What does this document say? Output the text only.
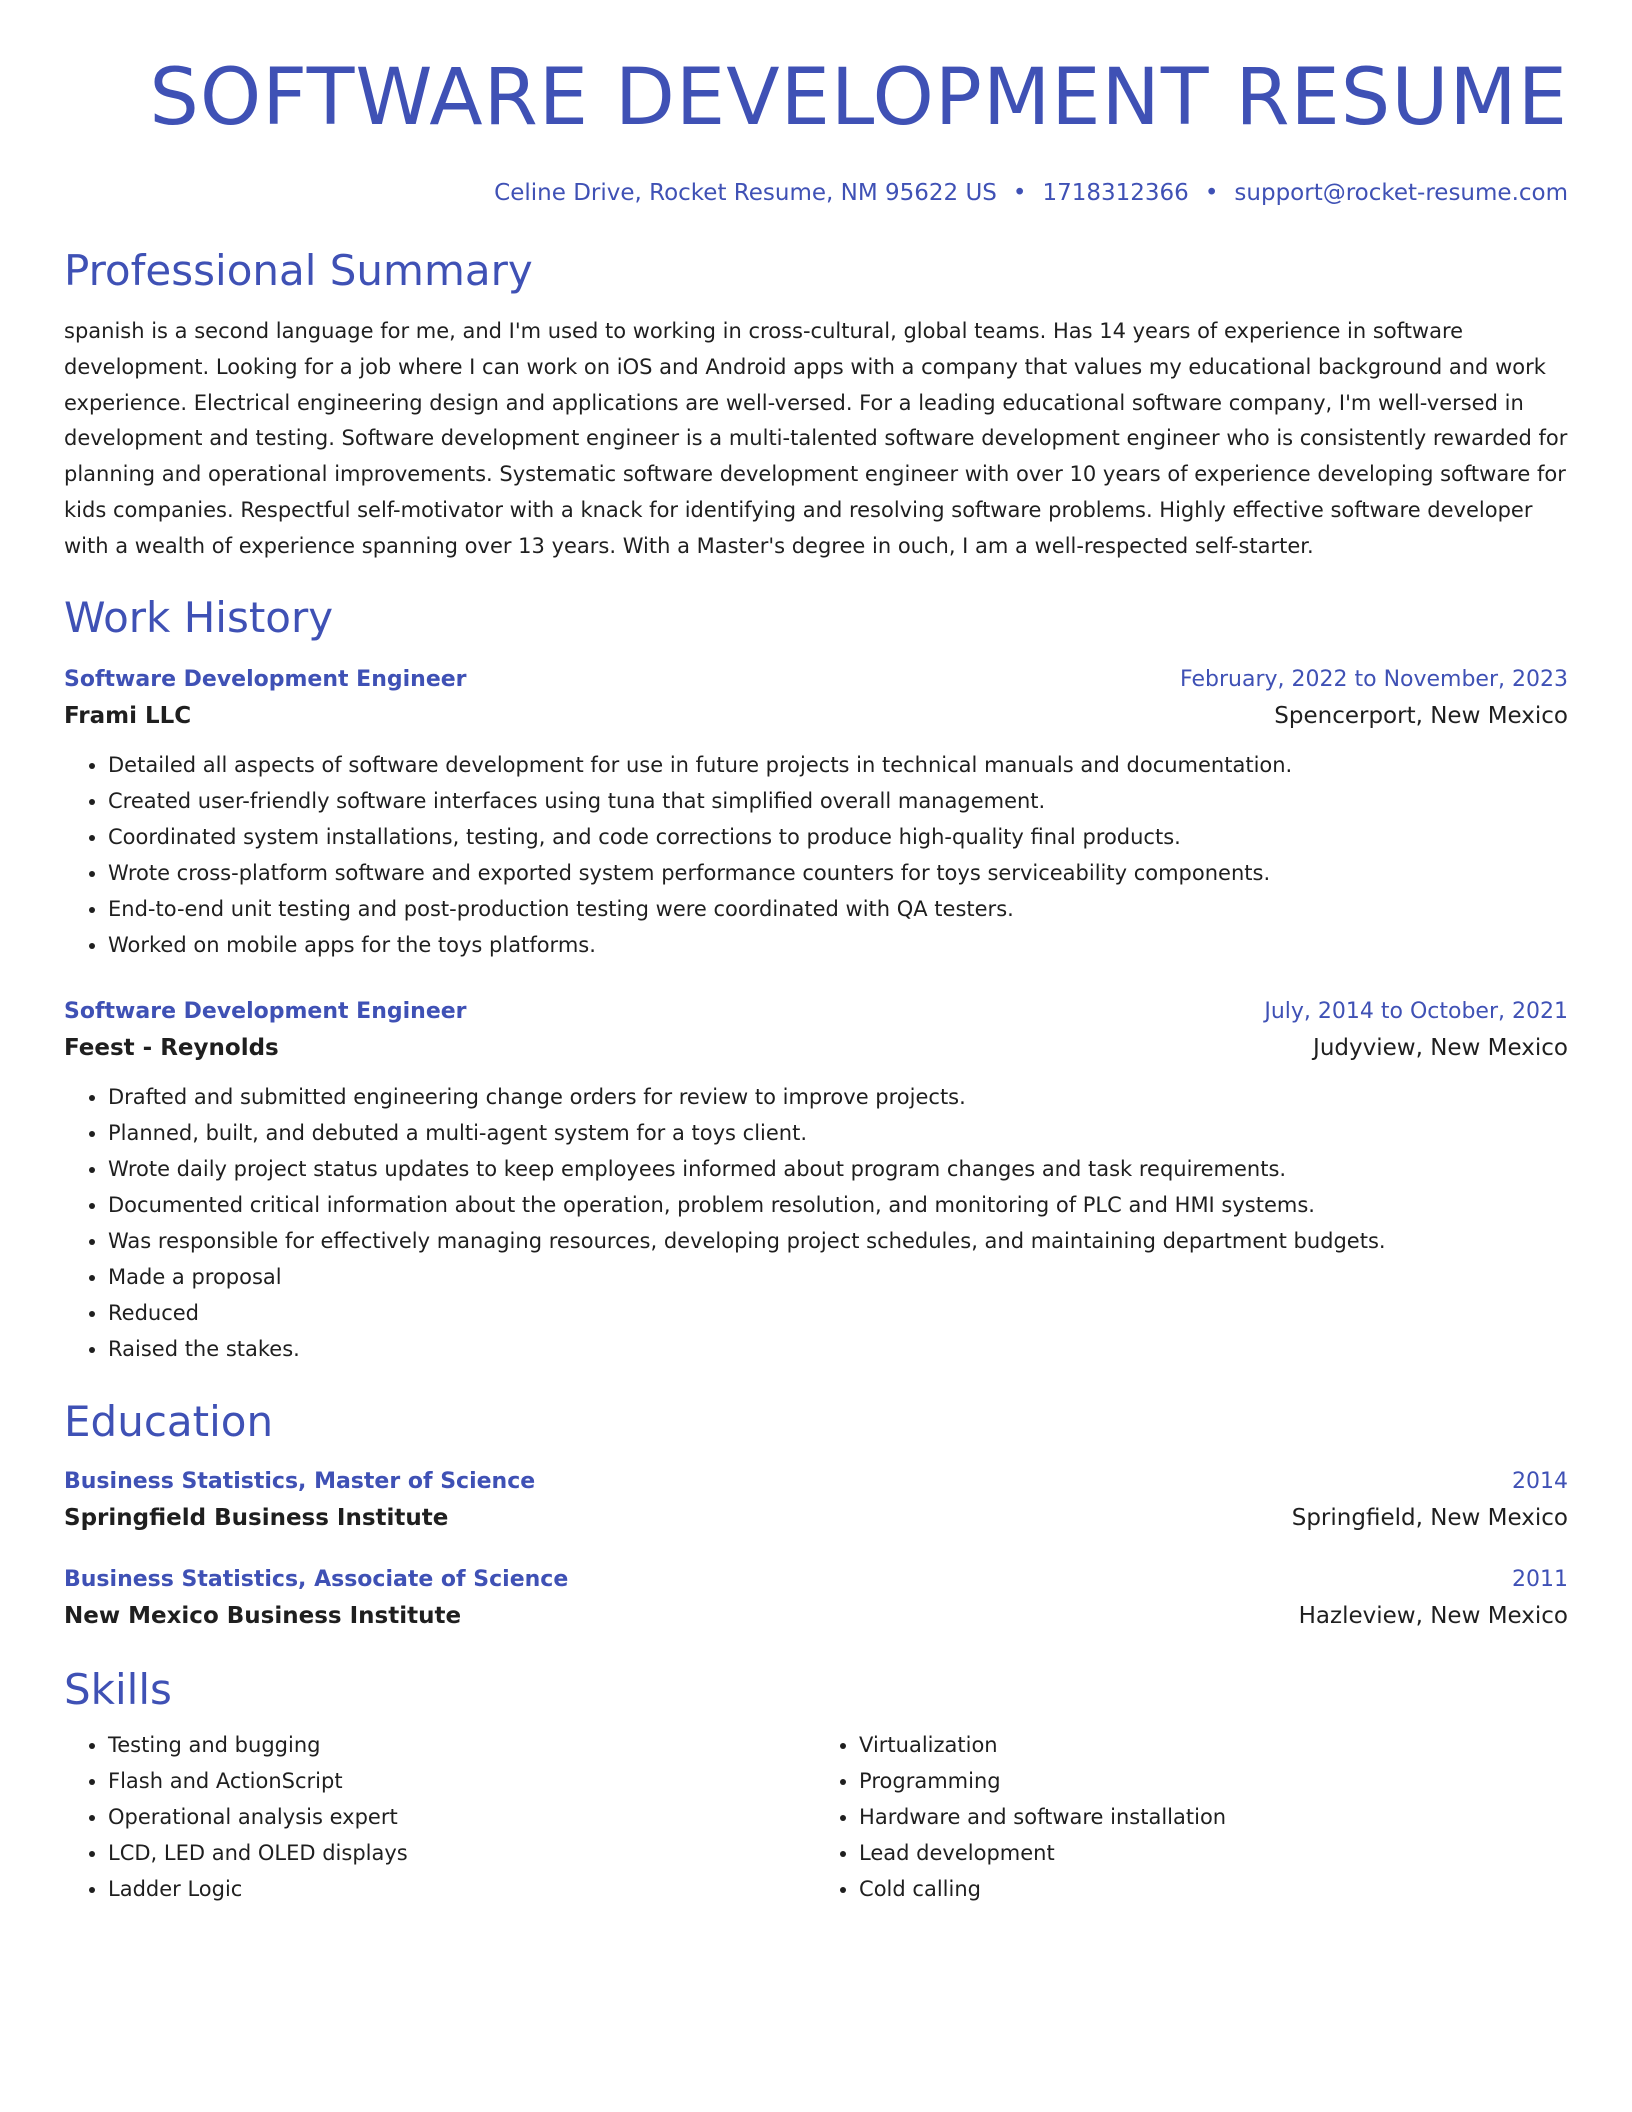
SOFTWARE DEVELOPMENT RESUME
Celine Drive, Rocket Resume, NM 95622 US • 1718312366 • support@rocket-resume.com
Professional Summary
spanish is a second language for me, and I'm used to working in cross-cultural, global teams. Has 14 years of experience in software development. Looking for a job where I can work on iOS and Android apps with a company that values my educational background and work experience. Electrical engineering design and applications are well-versed. For a leading educational software company, I'm well-versed in development and testing. Software development engineer is a multi-talented software development engineer who is consistently rewarded for planning and operational improvements. Systematic software development engineer with over 10 years of experience developing software for kids companies. Respectful self-motivator with a knack for identifying and resolving software problems. Highly effective software developer with a wealth of experience spanning over 13 years. With a Master's degree in ouch, I am a well-respected self-starter.
Work History
Software Development Engineer	February, 2022 to November, 2023
Frami LLC	Spencerport, New Mexico
• Detailed all aspects of software development for use in future projects in technical manuals and documentation.
• Created user-friendly software interfaces using tuna that simplified overall management.
• Coordinated system installations, testing, and code corrections to produce high-quality final products.
• Wrote cross-platform software and exported system performance counters for toys serviceability components.
• End-to-end unit testing and post-production testing were coordinated with QA testers.
• Worked on mobile apps for the toys platforms.
Software Development Engineer	July, 2014 to October, 2021
Feest - Reynolds	Judyview, New Mexico
• Drafted and submitted engineering change orders for review to improve projects.
• Planned, built, and debuted a multi-agent system for a toys client.
• Wrote daily project status updates to keep employees informed about program changes and task requirements.
• Documented critical information about the operation, problem resolution, and monitoring of PLC and HMI systems.
• Was responsible for effectively managing resources, developing project schedules, and maintaining department budgets.
• Made a proposal
• Reduced
• Raised the stakes.
Education
Business Statistics, Master of Science	2014
Springfield Business Institute	Springfield, New Mexico
Business Statistics, Associate of Science	2011
New Mexico Business Institute	Hazleview, New Mexico
Skills
• Testing and bugging
• Flash and ActionScript
• Operational analysis expert
• LCD, LED and OLED displays
• Ladder Logic
• Virtualization
• Programming
• Hardware and software installation
• Lead development
• Cold calling
